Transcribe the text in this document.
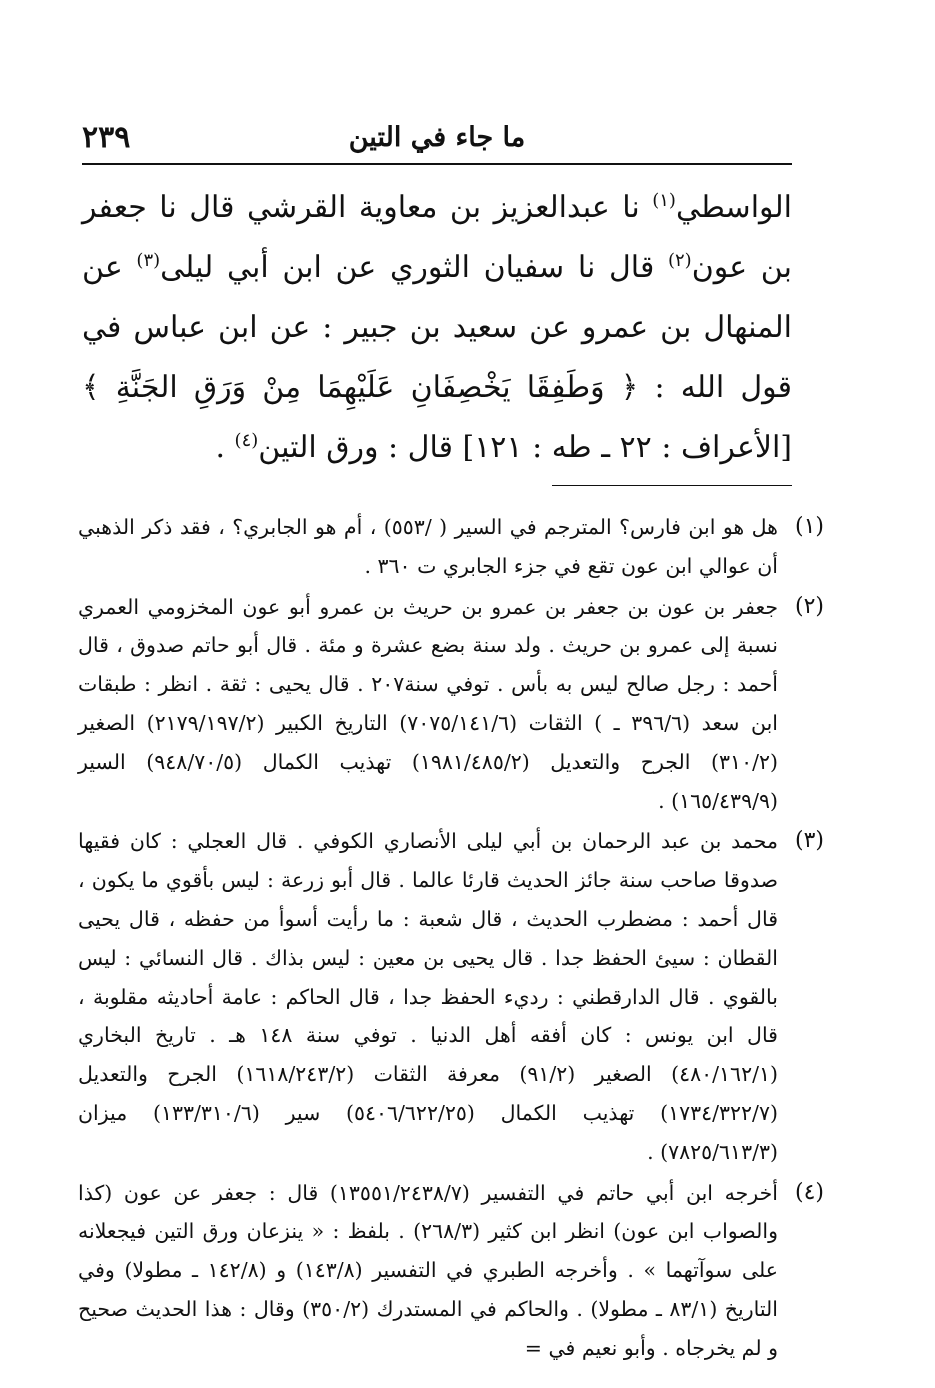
٢٣٩	ما جاء في التين

الواسطي$^{(١)}$ نا عبدالعزيز بن معاوية القرشي قال نا جعفر بن عون$^{(٢)}$ قال نا سفيان الثوري عن ابن أبي ليلى$^{(٣)}$ عن المنهال بن عمرو عن سعيد بن جبير : عن ابن عباس في قول الله : ﴿ وَطَفِقَا يَخْصِفَانِ عَلَيْهِمَا مِنْ وَرَقِ الجَنَّةِ ﴾ [الأعراف : ٢٢ ـ طه : ١٢١] قال : ورق التين$^{(٤)}$ .

(١)
هل هو ابن فارس؟ المترجم في السير ( /٥٥٣) ، أم هو الجابري؟ ، فقد ذكر الذهبي أن عوالي ابن عون تقع في جزء الجابري ت ٣٦٠ .
(٢)
جعفر بن عون بن جعفر بن عمرو بن حريث بن عمرو أبو عون المخزومي العمري نسبة إلى عمرو بن حريث . ولد سنة بضع عشرة و مئة . قال أبو حاتم صدوق ، قال أحمد : رجل صالح ليس به بأس . توفي سنة٢٠٧ . قال يحيى : ثقة . انظر : طبقات ابن سعد (٣٩٦/٦ ـ ) الثقات (٧٠٧٥/١٤١/٦) التاريخ الكبير (٢١٧٩/١٩٧/٢) الصغير (٣١٠/٢) الجرح والتعديل (١٩٨١/٤٨٥/٢) تهذيب الكمال (٩٤٨/٧٠/٥) السير (١٦٥/٤٣٩/٩) .
(٣)
محمد بن عبد الرحمان بن أبي ليلى الأنصاري الكوفي . قال العجلي : كان فقيها صدوقا صاحب سنة جائز الحديث قارئا عالما . قال أبو زرعة : ليس بأقوي ما يكون ، قال أحمد : مضطرب الحديث ، قال شعبة : ما رأيت أسوأ من حفظه ، قال يحيى القطان : سيئ الحفظ جدا . قال يحيى بن معين : ليس بذاك . قال النسائي : ليس بالقوي . قال الدارقطني : رديء الحفظ جدا ، قال الحاكم : عامة أحاديثه مقلوبة ، قال ابن يونس : كان أفقه أهل الدنيا . توفي سنة ١٤٨ هـ . تاريخ البخاري (٤٨٠/١٦٢/١) الصغير (٩١/٢) معرفة الثقات (١٦١٨/٢٤٣/٢) الجرح والتعديل (١٧٣٤/٣٢٢/٧) تهذيب الكمال (٥٤٠٦/٦٢٢/٢٥) سير (١٣٣/٣١٠/٦) ميزان (٧٨٢٥/٦١٣/٣) .
(٤)
أخرجه ابن أبي حاتم في التفسير (١٣٥٥١/٢٤٣٨/٧) قال : جعفر عن عون (كذا والصواب ابن عون) انظر ابن كثير (٢٦٨/٣) . بلفظ : « ينزعان ورق التين فيجعلانه على سوآتهما » . وأخرجه الطبري في التفسير (١٤٣/٨) و (١٤٢/٨ ـ مطولا) وفي التاريخ (٨٣/١ ـ مطولا) . والحاكم في المستدرك (٣٥٠/٢) وقال : هذا الحديث صحيح و لم يخرجاه . وأبو نعيم في =
